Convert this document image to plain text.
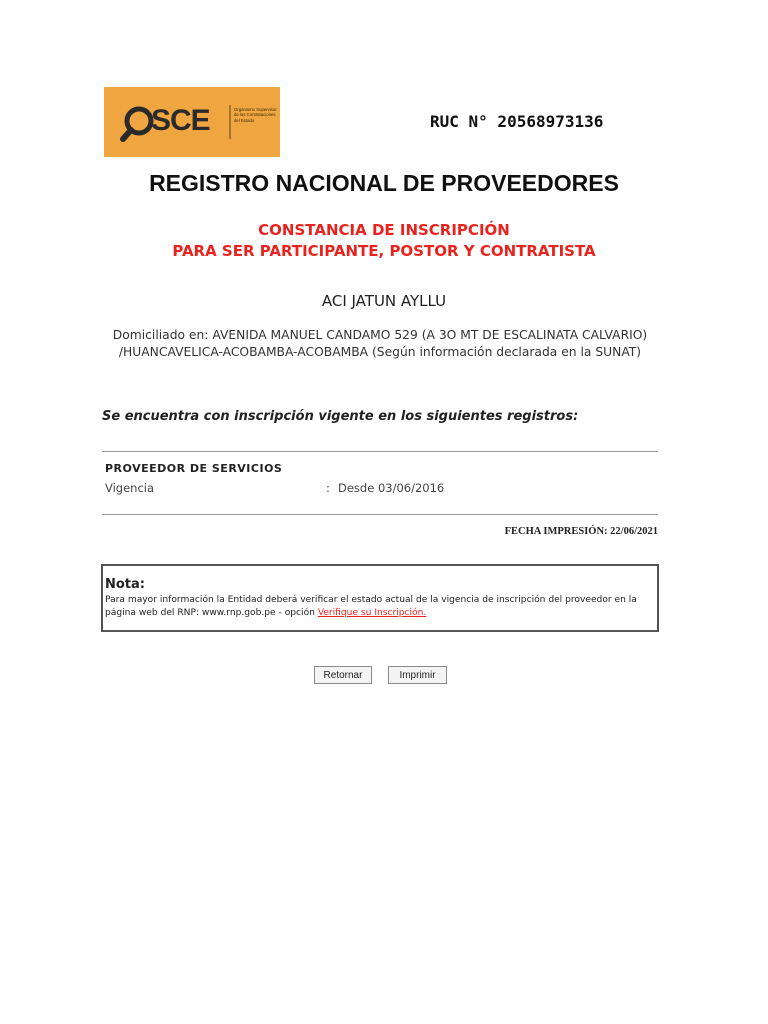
SCE	Organismo Supervisor de las Contrataciones del Estado	RUC N° 20568973136
REGISTRO NACIONAL DE PROVEEDORES
CONSTANCIA DE INSCRIPCIÓN
PARA SER PARTICIPANTE, POSTOR Y CONTRATISTA
ACI JATUN AYLLU
Domiciliado en: AVENIDA MANUEL CANDAMO 529 (A 3O MT DE ESCALINATA CALVARIO) /HUANCAVELICA-ACOBAMBA-ACOBAMBA (Según información declarada en la SUNAT)
Se encuentra con inscripción vigente en los siguientes registros:
PROVEEDOR DE SERVICIOS
Vigencia	: Desde 03/06/2016
FECHA IMPRESIÓN: 22/06/2021
Nota:
Para mayor información la Entidad deberá verificar el estado actual de la vigencia de inscripción del proveedor en la página web del RNP: www.rnp.gob.pe - opción Verifique su Inscripción.
Retornar	Imprimir
